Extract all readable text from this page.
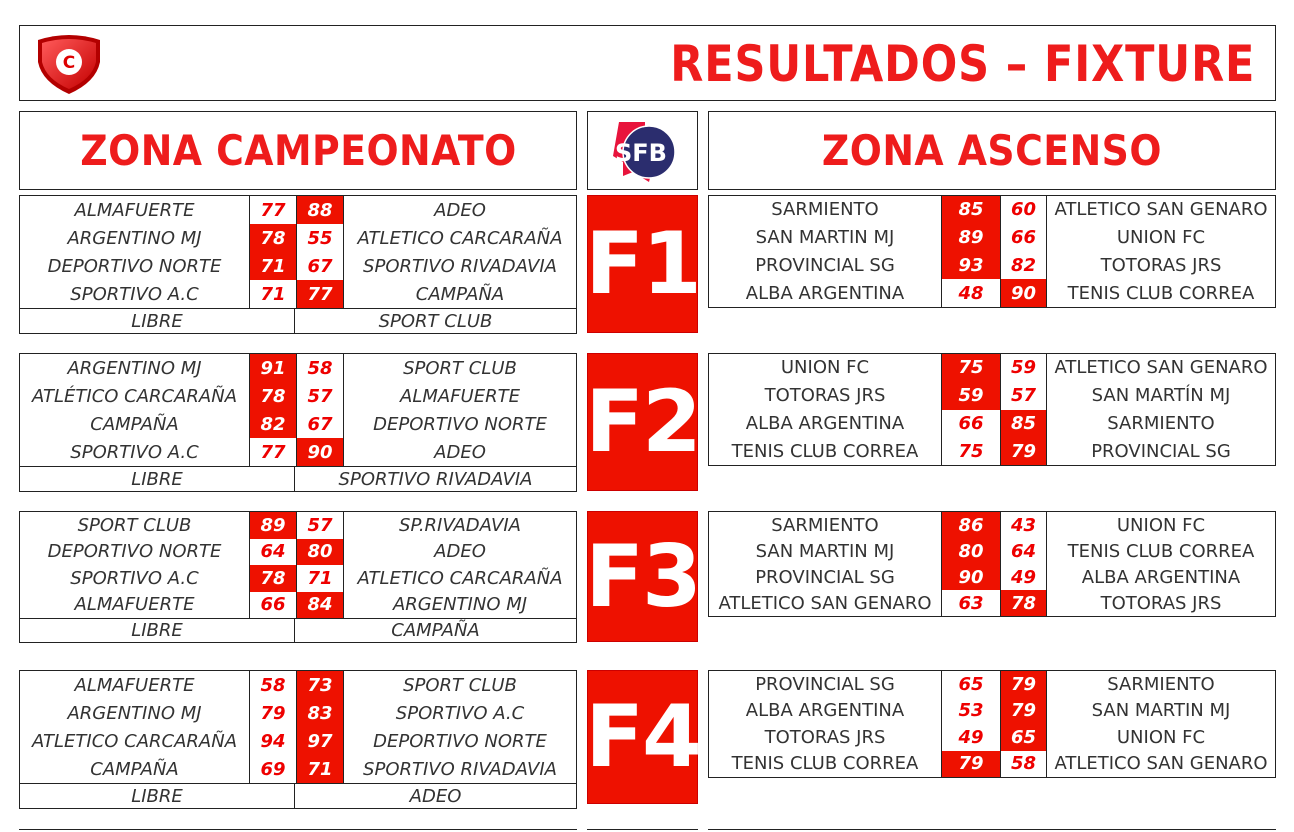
C	RESULTADOS – FIXTURE
ZONA CAMPEONATO	SFB	ZONA ASCENSO
ALMAFUERTE	77	88	ADEO
ARGENTINO MJ	78	55	ATLETICO CARCARAÑA
DEPORTIVO NORTE	71	67	SPORTIVO RIVADAVIA
SPORTIVO A.C	71	77	CAMPAÑA
LIBRE	SPORT CLUB
F1
SARMIENTO	85	60	ATLETICO SAN GENARO
SAN MARTIN MJ	89	66	UNION FC
PROVINCIAL SG	93	82	TOTORAS JRS
ALBA ARGENTINA	48	90	TENIS CLUB CORREA
ARGENTINO MJ	91	58	SPORT CLUB
ATLÉTICO CARCARAÑA	78	57	ALMAFUERTE
CAMPAÑA	82	67	DEPORTIVO NORTE
SPORTIVO A.C	77	90	ADEO
LIBRE	SPORTIVO RIVADAVIA
F2
UNION FC	75	59	ATLETICO SAN GENARO
TOTORAS JRS	59	57	SAN MARTÍN MJ
ALBA ARGENTINA	66	85	SARMIENTO
TENIS CLUB CORREA	75	79	PROVINCIAL SG
SPORT CLUB	89	57	SP.RIVADAVIA
DEPORTIVO NORTE	64	80	ADEO
SPORTIVO A.C	78	71	ATLETICO CARCARAÑA
ALMAFUERTE	66	84	ARGENTINO MJ
LIBRE	CAMPAÑA
F3
SARMIENTO	86	43	UNION FC
SAN MARTIN MJ	80	64	TENIS CLUB CORREA
PROVINCIAL SG	90	49	ALBA ARGENTINA
ATLETICO SAN GENARO	63	78	TOTORAS JRS
ALMAFUERTE	58	73	SPORT CLUB
ARGENTINO MJ	79	83	SPORTIVO A.C
ATLETICO CARCARAÑA	94	97	DEPORTIVO NORTE
CAMPAÑA	69	71	SPORTIVO RIVADAVIA
LIBRE	ADEO
F4
PROVINCIAL SG	65	79	SARMIENTO
ALBA ARGENTINA	53	79	SAN MARTIN MJ
TOTORAS JRS	49	65	UNION FC
TENIS CLUB CORREA	79	58	ATLETICO SAN GENARO
